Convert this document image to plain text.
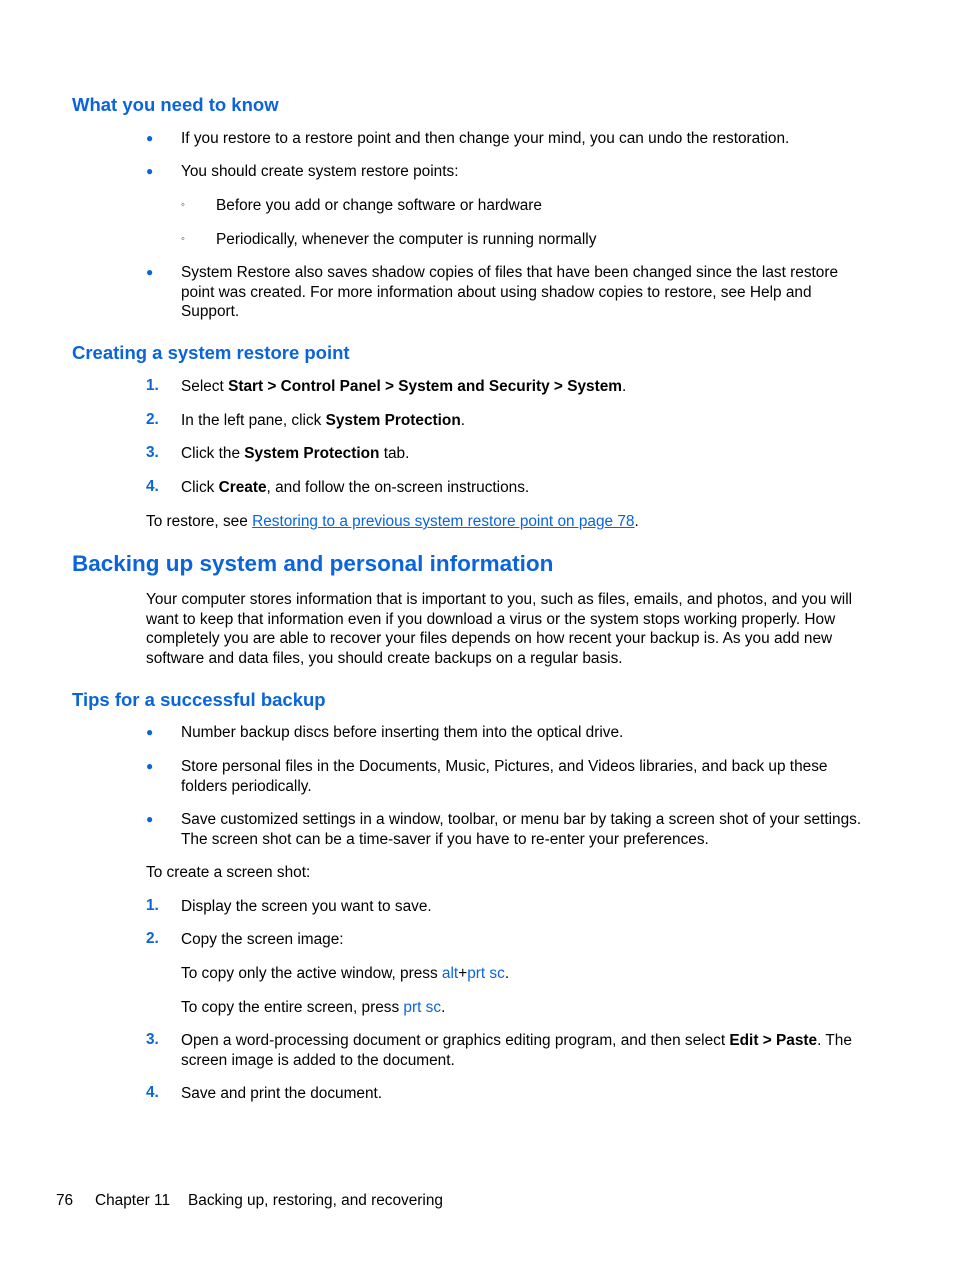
What you need to know
● If you restore to a restore point and then change your mind, you can undo the restoration.
● You should create system restore points:
◦ Before you add or change software or hardware
◦ Periodically, whenever the computer is running normally
● System Restore also saves shadow copies of files that have been changed since the last restore point was created. For more information about using shadow copies to restore, see Help and Support.
Creating a system restore point
1. Select Start > Control Panel > System and Security > System.
2. In the left pane, click System Protection.
3. Click the System Protection tab.
4. Click Create, and follow the on-screen instructions.
To restore, see Restoring to a previous system restore point on page 78.
Backing up system and personal information
Your computer stores information that is important to you, such as files, emails, and photos, and you will want to keep that information even if you download a virus or the system stops working properly. How completely you are able to recover your files depends on how recent your backup is. As you add new software and data files, you should create backups on a regular basis.
Tips for a successful backup
● Number backup discs before inserting them into the optical drive.
● Store personal files in the Documents, Music, Pictures, and Videos libraries, and back up these folders periodically.
● Save customized settings in a window, toolbar, or menu bar by taking a screen shot of your settings. The screen shot can be a time-saver if you have to re-enter your preferences.
To create a screen shot:
1. Display the screen you want to save.
2. Copy the screen image:
To copy only the active window, press alt+prt sc.
To copy the entire screen, press prt sc.
3. Open a word-processing document or graphics editing program, and then select Edit > Paste. The screen image is added to the document.
4. Save and print the document.
76 Chapter 11 Backing up, restoring, and recovering
